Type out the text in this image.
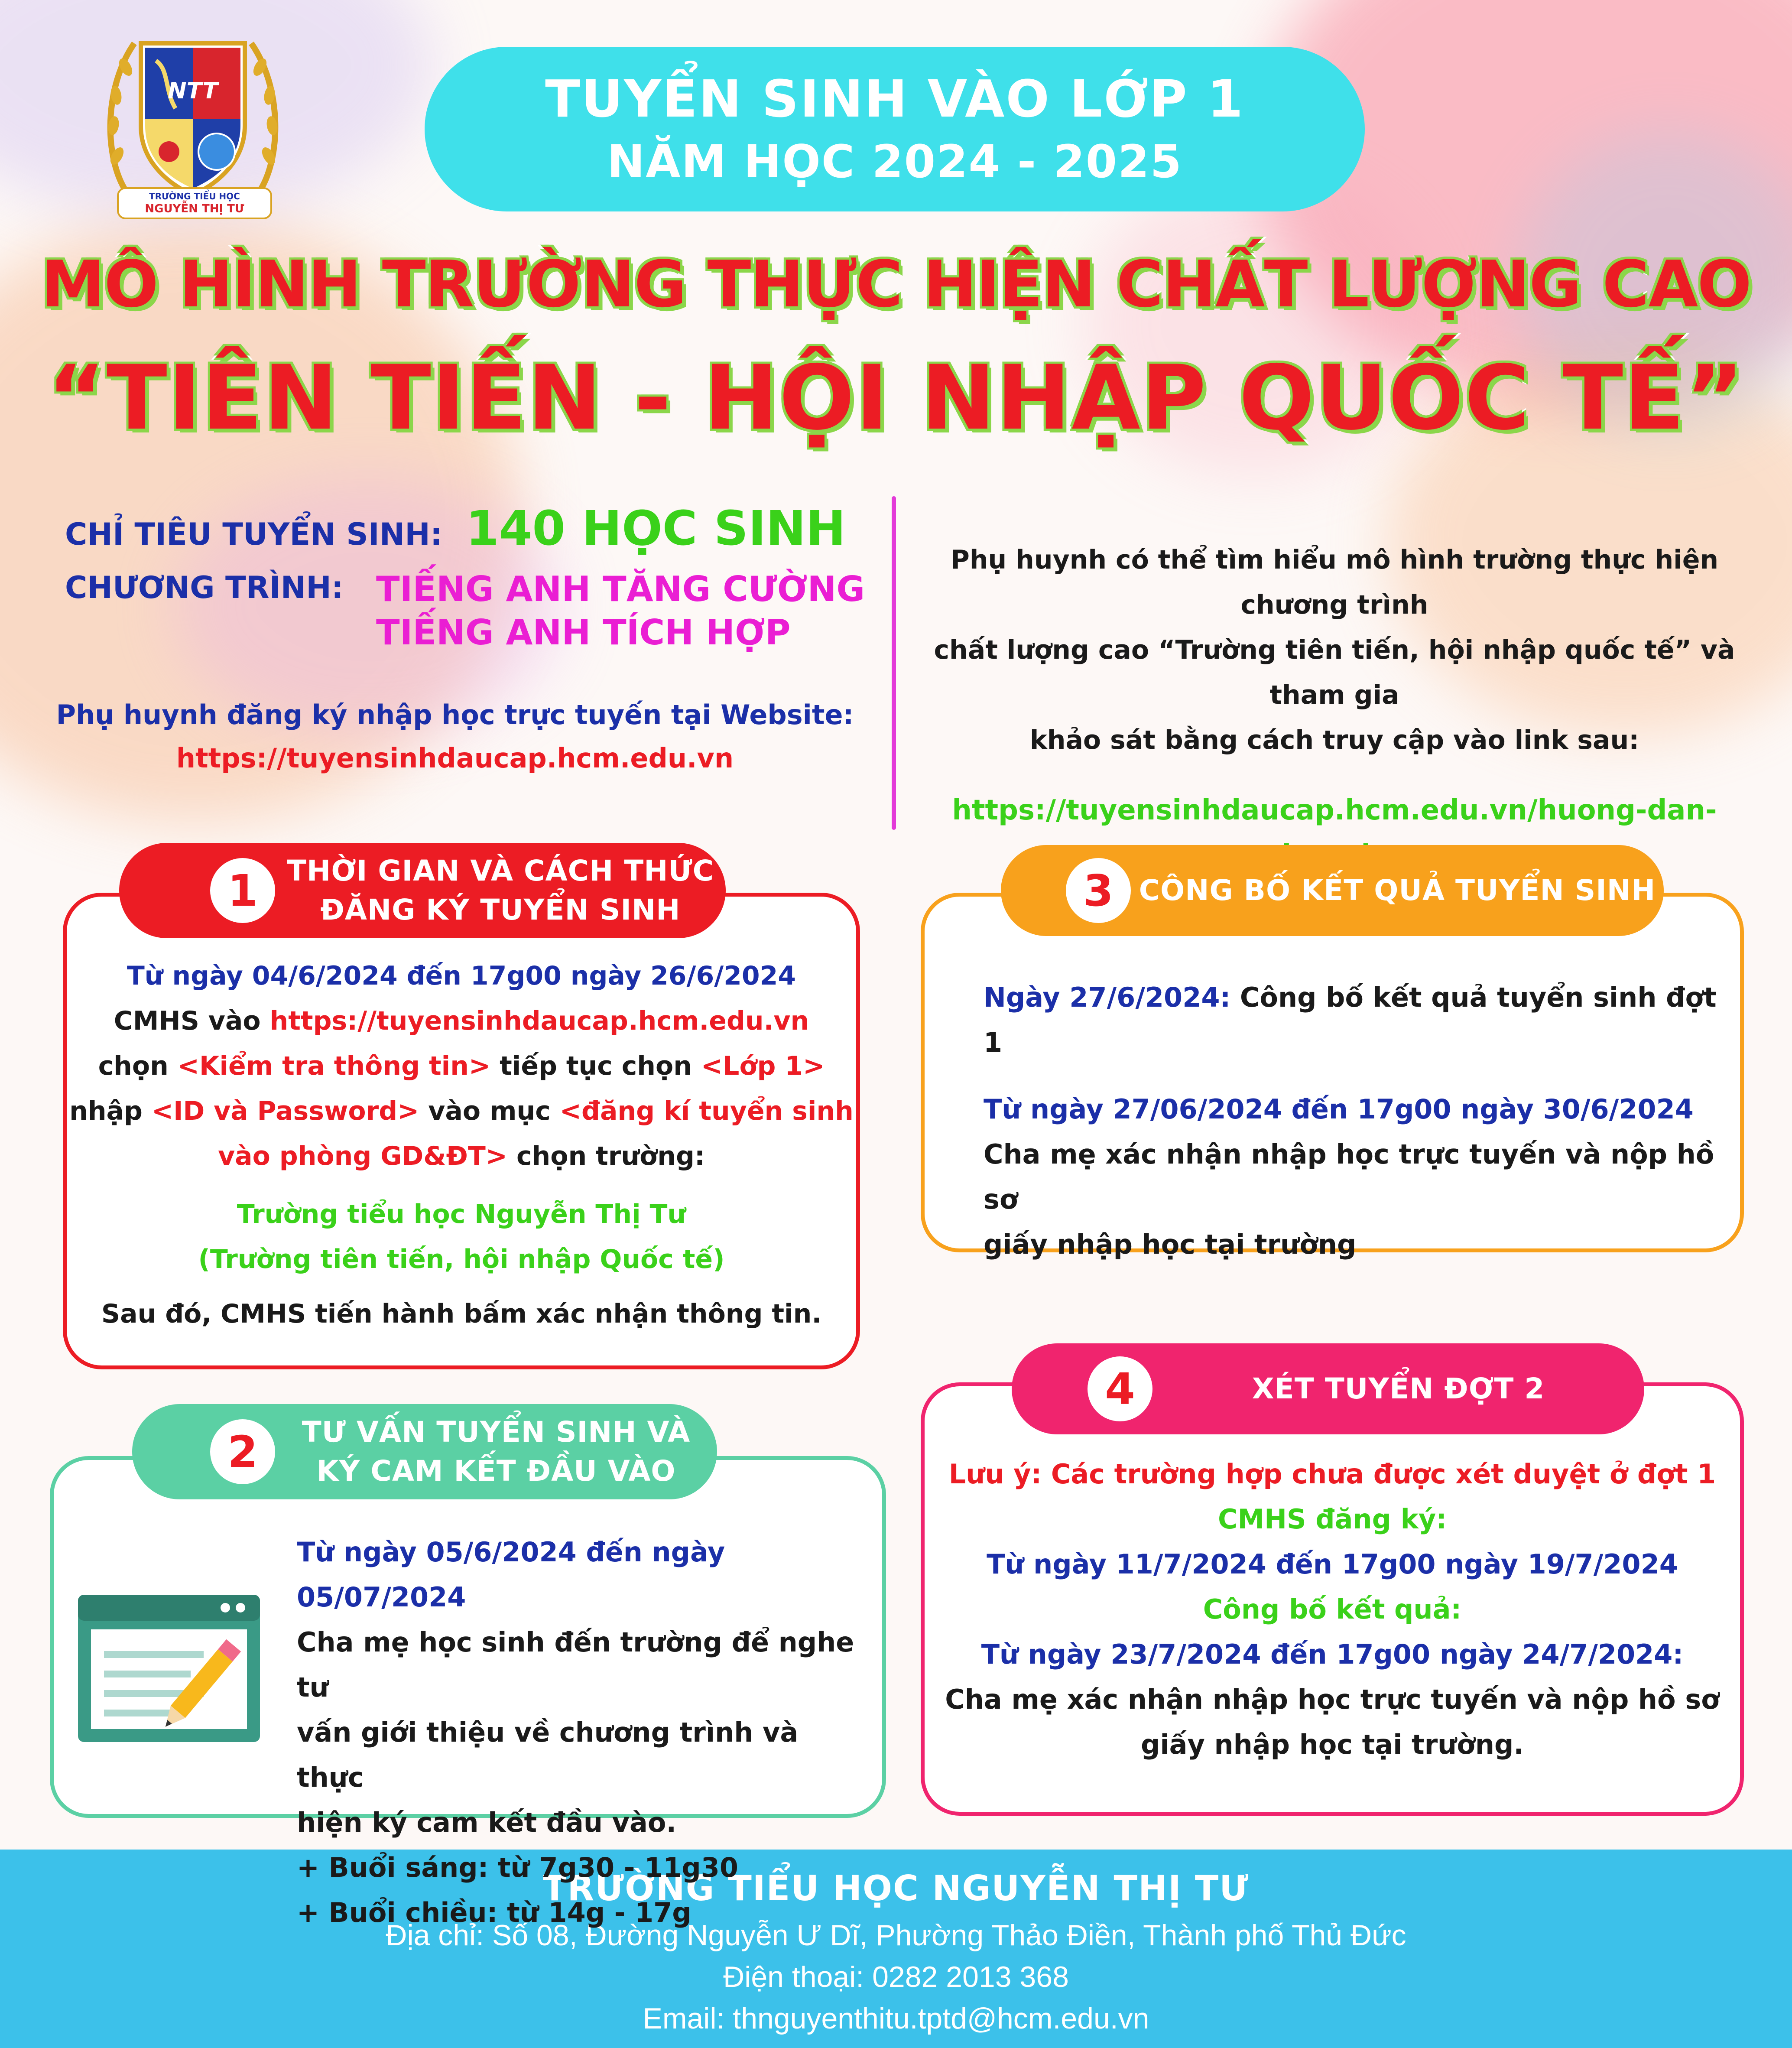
NTT
TRƯỜNG TIỂU HỌC
NGUYỄN THỊ TƯ
TUYỂN SINH VÀO LỚP 1
NĂM HỌC 2024 - 2025
MÔ HÌNH TRƯỜNG THỰC HIỆN CHẤT LƯỢNG CAO
“TIÊN TIẾN - HỘI NHẬP QUỐC TẾ”
CHỈ TIÊU TUYỂN SINH: 140 HỌC SINH
CHƯƠNG TRÌNH: TIẾNG ANH TĂNG CƯỜNG
TIẾNG ANH TÍCH HỢP
Phụ huynh đăng ký nhập học trực tuyến tại Website:
https://tuyensinhdaucap.hcm.edu.vn
Phụ huynh có thể tìm hiểu mô hình trường thực hiện chương trình
chất lượng cao “Trường tiên tiến, hội nhập quốc tế” và tham gia
khảo sát bằng cách truy cập vào link sau:
https://tuyensinhdaucap.hcm.edu.vn/huong-dan-
1	THỜI GIAN VÀ CÁCH THỨC
ĐĂNG KÝ TUYỂN SINH
Từ ngày 04/6/2024 đến 17g00 ngày 26/6/2024
CMHS vào https://tuyensinhdaucap.hcm.edu.vn
chọn <Kiểm tra thông tin> tiếp tục chọn <Lớp 1>
nhập <ID và Password> vào mục <đăng kí tuyển sinh
vào phòng GD&ĐT> chọn trường:
Trường tiểu học Nguyễn Thị Tư
(Trường tiên tiến, hội nhập Quốc tế)
Sau đó, CMHS tiến hành bấm xác nhận thông tin.
2	TƯ VẤN TUYỂN SINH VÀ
KÝ CAM KẾT ĐẦU VÀO
Từ ngày 05/6/2024 đến ngày 05/07/2024
Cha mẹ học sinh đến trường để nghe tư
vấn giới thiệu về chương trình và thực
hiện ký cam kết đầu vào.
+ Buổi sáng: từ 7g30 - 11g30
+ Buổi chiều: từ 14g - 17g
3 CÔNG BỐ KẾT QUẢ TUYỂN SINH
Ngày 27/6/2024: Công bố kết quả tuyển sinh đợt 1
Từ ngày 27/06/2024 đến 17g00 ngày 30/6/2024
Cha mẹ xác nhận nhập học trực tuyến và nộp hồ sơ
giấy nhập học tại trường
4	XÉT TUYỂN ĐỢT 2
Lưu ý: Các trường hợp chưa được xét duyệt ở đợt 1
CMHS đăng ký:
Từ ngày 11/7/2024 đến 17g00 ngày 19/7/2024
Công bố kết quả:
Từ ngày 23/7/2024 đến 17g00 ngày 24/7/2024:
Cha mẹ xác nhận nhập học trực tuyến và nộp hồ sơ
giấy nhập học tại trường.
TRƯỜNG TIỂU HỌC NGUYỄN THỊ TƯ
Địa chỉ: Số 08, Đường Nguyễn Ư Dĩ, Phường Thảo Điền, Thành phố Thủ Đức
Điện thoại: 0282 2013 368
Email: thnguyenthitu.tptd@hcm.edu.vn
